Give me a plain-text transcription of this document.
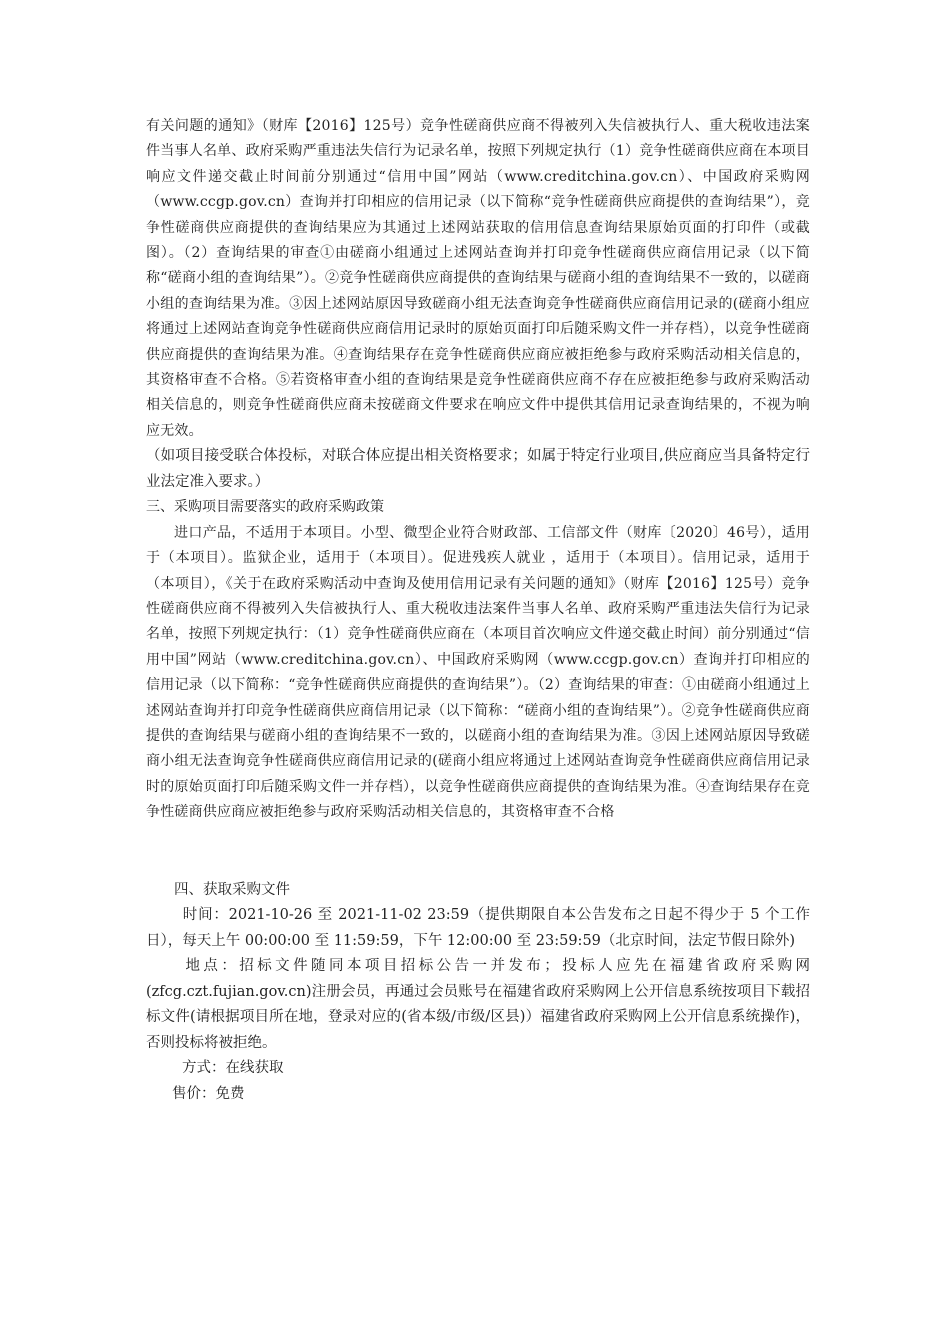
有关问题的通知》（财库【2016】125号）竞争性磋商供应商不得被列入失信被执行人、重大税收违法案件当事人名单、政府采购严重违法失信行为记录名单，按照下列规定执行（1）竞争性磋商供应商在本项目响应文件递交截止时间前分别通过“信用中国”网站（www.creditchina.gov.cn）、中国政府采购网（www.ccgp.gov.cn）查询并打印相应的信用记录（以下简称“竞争性磋商供应商提供的查询结果”），竞争性磋商供应商提供的查询结果应为其通过上述网站获取的信用信息查询结果原始页面的打印件（或截图）。（2）查询结果的审查①由磋商小组通过上述网站查询并打印竞争性磋商供应商信用记录（以下简称“磋商小组的查询结果”）。②竞争性磋商供应商提供的查询结果与磋商小组的查询结果不一致的，以磋商小组的查询结果为准。③因上述网站原因导致磋商小组无法查询竞争性磋商供应商信用记录的(磋商小组应将通过上述网站查询竞争性磋商供应商信用记录时的原始页面打印后随采购文件一并存档），以竞争性磋商供应商提供的查询结果为准。④查询结果存在竞争性磋商供应商应被拒绝参与政府采购活动相关信息的，其资格审查不合格。⑤若资格审查小组的查询结果是竞争性磋商供应商不存在应被拒绝参与政府采购活动相关信息的，则竞争性磋商供应商未按磋商文件要求在响应文件中提供其信用记录查询结果的，不视为响应无效。

（如项目接受联合体投标，对联合体应提出相关资格要求；如属于特定行业项目,供应商应当具备特定行业法定准入要求。）

三、采购项目需要落实的政府采购政策

进口产品，不适用于本项目。小型、微型企业符合财政部、工信部文件（财库〔2020〕46号），适用于（本项目）。监狱企业，适用于（本项目）。促进残疾人就业 ，适用于（本项目）。信用记录，适用于（本项目），《关于在政府采购活动中查询及使用信用记录有关问题的通知》（财库【2016】125号）竞争性磋商供应商不得被列入失信被执行人、重大税收违法案件当事人名单、政府采购严重违法失信行为记录名单，按照下列规定执行：（1）竞争性磋商供应商在（本项目首次响应文件递交截止时间）前分别通过“信用中国”网站（www.creditchina.gov.cn）、中国政府采购网（www.ccgp.gov.cn）查询并打印相应的信用记录（以下简称：“竞争性磋商供应商提供的查询结果”）。（2）查询结果的审查：①由磋商小组通过上述网站查询并打印竞争性磋商供应商信用记录（以下简称：“磋商小组的查询结果”）。②竞争性磋商供应商提供的查询结果与磋商小组的查询结果不一致的，以磋商小组的查询结果为准。③因上述网站原因导致磋商小组无法查询竞争性磋商供应商信用记录的(磋商小组应将通过上述网站查询竞争性磋商供应商信用记录时的原始页面打印后随采购文件一并存档），以竞争性磋商供应商提供的查询结果为准。④查询结果存在竞争性磋商供应商应被拒绝参与政府采购活动相关信息的，其资格审查不合格

四、获取采购文件

时间：2021-10-26 至 2021-11-02 23:59（提供期限自本公告发布之日起不得少于 5 个工作日），每天上午 00:00:00 至 11:59:59，下午 12:00:00 至 23:59:59（北京时间，法定节假日除外)

地点：招标文件随同本项目招标公告一并发布；投标人应先在福建省政府采购网(zfcg.czt.fujian.gov.cn)注册会员，再通过会员账号在福建省政府采购网上公开信息系统按项目下载招标文件(请根据项目所在地，登录对应的(省本级/市级/区县)）福建省政府采购网上公开信息系统操作)，否则投标将被拒绝。

方式：在线获取

售价：免费
